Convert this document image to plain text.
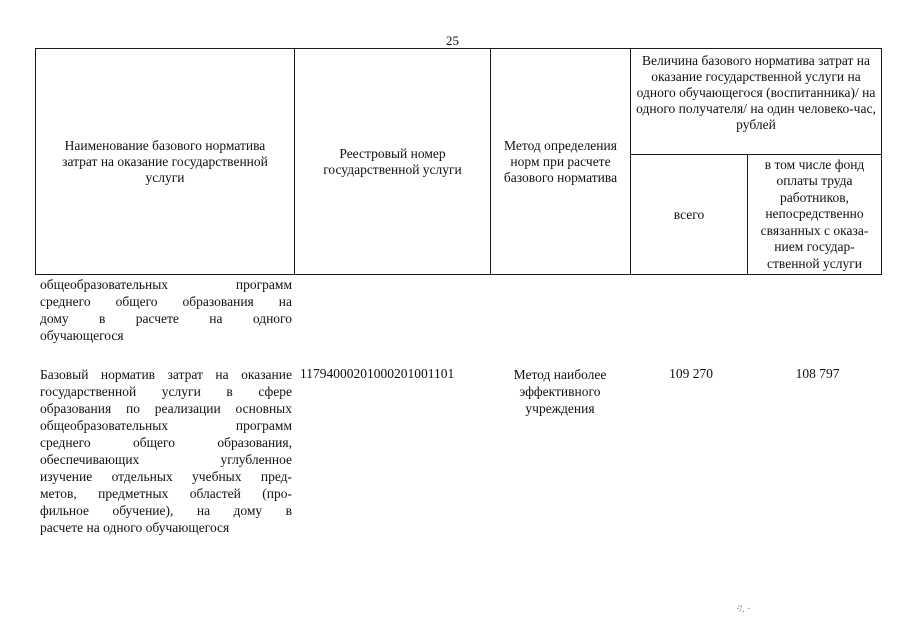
25
Наименование базового норматива затрат на оказание государственной услуги
Реестровый номер государственной услуги
Метод определения норм при расчете базового норматива
Величина базового норматива затрат на оказание государственной услуги на одного обучающегося (воспитанника)/ на одного получателя/ на один человеко-час, рублей
всего
в том числе фонд оплаты труда работников, непосредственно связанных с оказа-нием государ-ственной услуги
общеобразовательных программ
среднего общего образования на
дому в расчете на одного
обучающегося
Базовый норматив затрат на оказание
государственной услуги в сфере
образования по реализации основных
общеобразовательных программ
среднего общего образования,
обеспечивающих углубленное
изучение отдельных учебных пред-
метов, предметных областей (про-
фильное обучение), на дому в
расчете на одного обучающегося
11794000201000201001101	Метод наиболее эффективного учреждения
109 270	108 797
·̈/. ·
